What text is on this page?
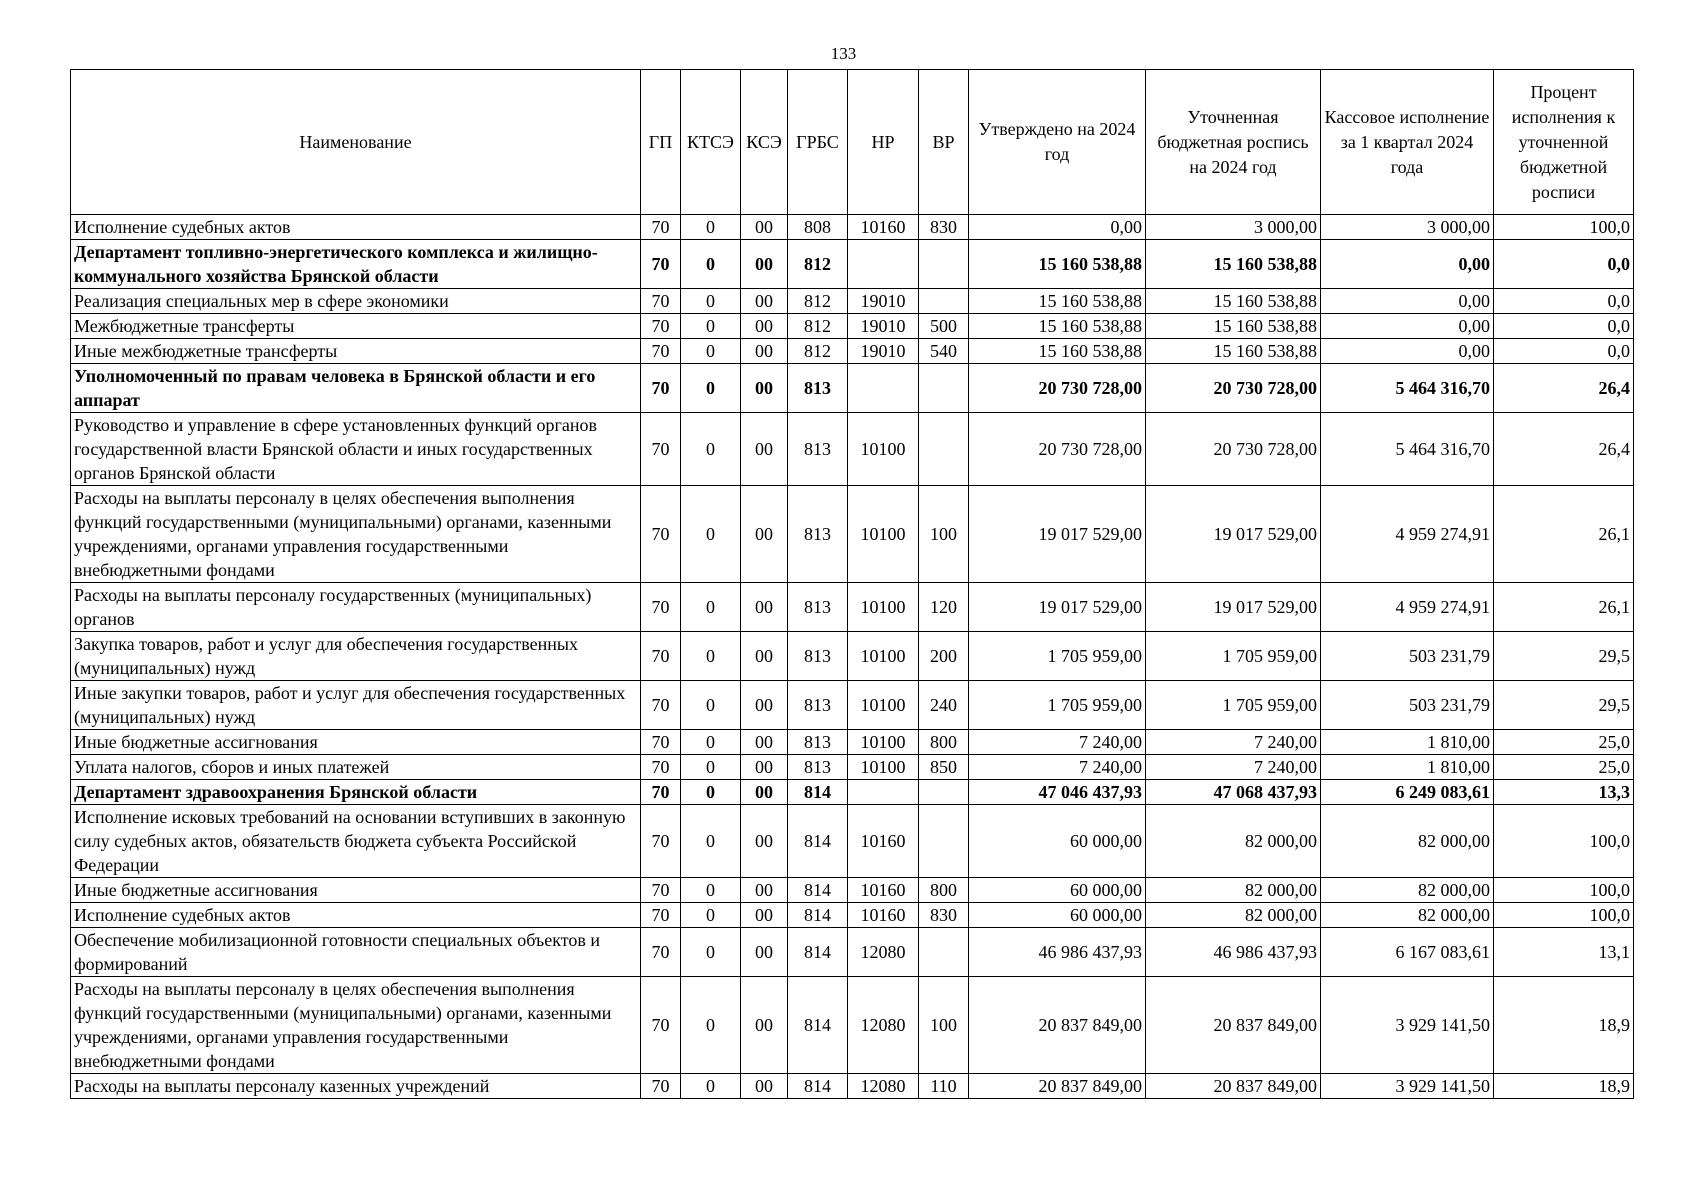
133
Наименование	ГП	КТСЭ	КСЭ	ГРБС	НР	ВР	Утверждено на 2024 год	Уточненная бюджетная роспись на 2024 год	Кассовое исполнение за 1 квартал 2024 года	Процент исполнения к уточненной бюджетной росписи
Исполнение судебных актов	70	0	00	808	10160	830	0,00	3 000,00	3 000,00	100,0
Департамент топливно-энергетического комплекса и жилищно-коммунального хозяйства Брянской области	70	0	00	812			15 160 538,88	15 160 538,88	0,00	0,0
Реализация специальных мер в сфере экономики	70	0	00	812	19010		15 160 538,88	15 160 538,88	0,00	0,0
Межбюджетные трансферты	70	0	00	812	19010	500	15 160 538,88	15 160 538,88	0,00	0,0
Иные межбюджетные трансферты	70	0	00	812	19010	540	15 160 538,88	15 160 538,88	0,00	0,0
Уполномоченный по правам человека в Брянской области и его аппарат	70	0	00	813			20 730 728,00	20 730 728,00	5 464 316,70	26,4
Руководство и управление в сфере установленных функций органов государственной власти Брянской области и иных государственных органов Брянской области	70	0	00	813	10100		20 730 728,00	20 730 728,00	5 464 316,70	26,4
Расходы на выплаты персоналу в целях обеспечения выполнения функций государственными (муниципальными) органами, казенными учреждениями, органами управления государственными внебюджетными фондами	70	0	00	813	10100	100	19 017 529,00	19 017 529,00	4 959 274,91	26,1
Расходы на выплаты персоналу государственных (муниципальных) органов	70	0	00	813	10100	120	19 017 529,00	19 017 529,00	4 959 274,91	26,1
Закупка товаров, работ и услуг для обеспечения государственных (муниципальных) нужд	70	0	00	813	10100	200	1 705 959,00	1 705 959,00	503 231,79	29,5
Иные закупки товаров, работ и услуг для обеспечения государственных (муниципальных) нужд	70	0	00	813	10100	240	1 705 959,00	1 705 959,00	503 231,79	29,5
Иные бюджетные ассигнования	70	0	00	813	10100	800	7 240,00	7 240,00	1 810,00	25,0
Уплата налогов, сборов и иных платежей	70	0	00	813	10100	850	7 240,00	7 240,00	1 810,00	25,0
Департамент здравоохранения Брянской области	70	0	00	814			47 046 437,93	47 068 437,93	6 249 083,61	13,3
Исполнение исковых требований на основании вступивших в законную силу судебных актов, обязательств бюджета субъекта Российской Федерации	70	0	00	814	10160		60 000,00	82 000,00	82 000,00	100,0
Иные бюджетные ассигнования	70	0	00	814	10160	800	60 000,00	82 000,00	82 000,00	100,0
Исполнение судебных актов	70	0	00	814	10160	830	60 000,00	82 000,00	82 000,00	100,0
Обеспечение мобилизационной готовности специальных объектов и формирований	70	0	00	814	12080		46 986 437,93	46 986 437,93	6 167 083,61	13,1
Расходы на выплаты персоналу в целях обеспечения выполнения функций государственными (муниципальными) органами, казенными учреждениями, органами управления государственными внебюджетными фондами	70	0	00	814	12080	100	20 837 849,00	20 837 849,00	3 929 141,50	18,9
Расходы на выплаты персоналу казенных учреждений	70	0	00	814	12080	110	20 837 849,00	20 837 849,00	3 929 141,50	18,9
